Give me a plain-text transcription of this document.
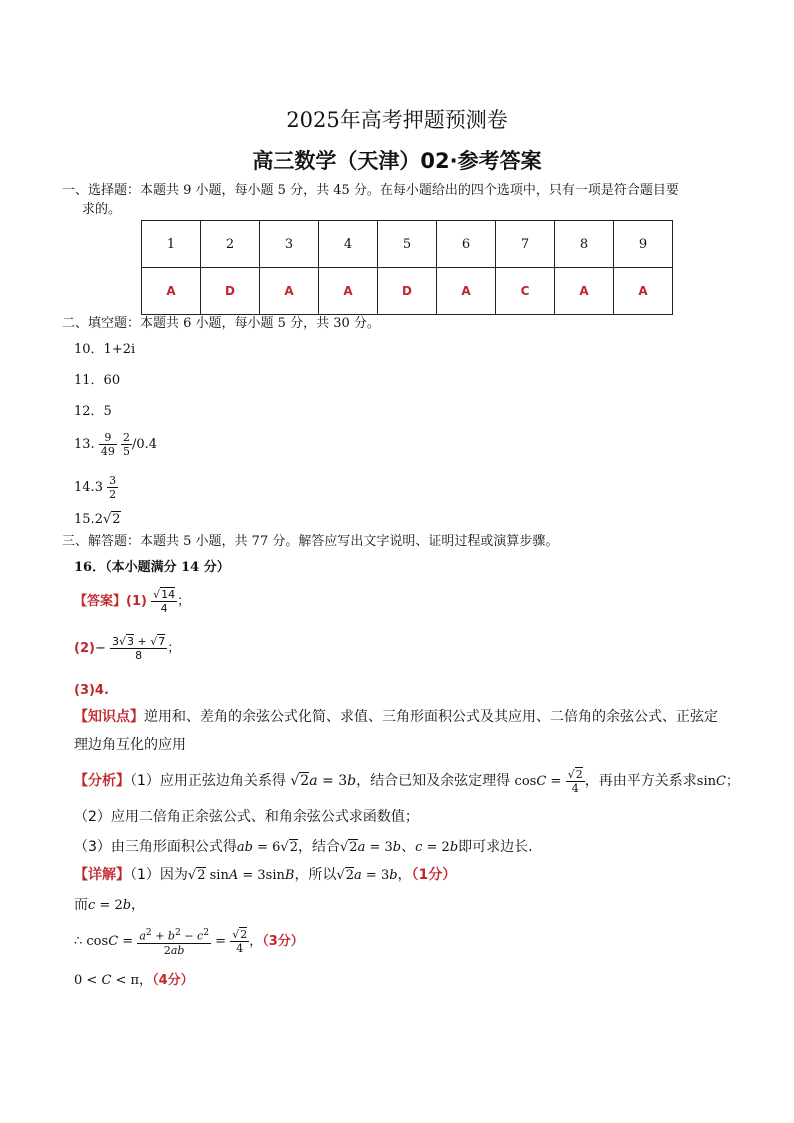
2025年高考押题预测卷
高三数学（天津）02·参考答案
一、选择题：本题共 9 小题，每小题 5 分，共 45 分。在每小题给出的四个选项中，只有一项是符合题目要
求的。
1	2	3	4	5	6	7	8	9
A	D	A	A	D	A	C	A	A
二、填空题：本题共 6 小题，每小题 5 分，共 30 分。
10．1+2i
11．60
12．5
13. $\frac{9}{49}$
$\frac{2}{5} /0.4$
$14.3 \frac{3}{2}$
15.2√2
三、解答题：本题共 5 小题，共 77 分。解答应写出文字说明、证明过程或演算步骤。
16．（本小题满分 14 分）
【答案】$(1) \frac{√14}{4}$ ；
$(2)- \frac{3√3 + √7}{8}$ ；
(3)4.
【知识点】逆用和、差角的余弦公式化简、求值、三角形面积公式及其应用、二倍角的余弦公式、正弦定
理边角互化的应用
【分析】（1）应用正弦边角关系得 √2a = 3b，结合已知及余弦定理得 $\cos C = \frac{√2}{4}$ ，再由平方关系求sinC；
（2）应用二倍角正余弦公式、和角余弦公式求函数值；
（3）由三角形面积公式得ab = 6√2，结合√2a = 3b、c = 2b即可求边长.
【详解】（1）因为√2 sinA = 3sinB，所以√2a = 3b，（1分）
而c = 2b，
∴ $\cos C = \frac{a^2 + b^2 - c^2}{2ab} = \frac{√2}{4}$ ，（3分）
0 < C < π，（4分）
